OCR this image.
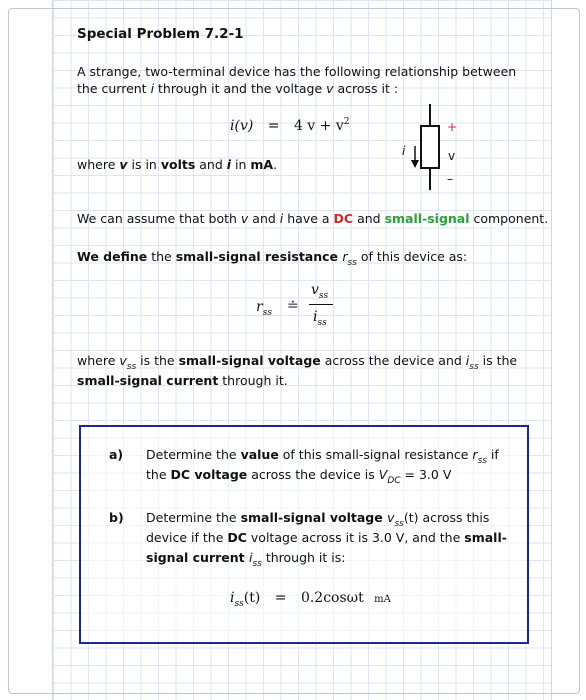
Special Problem 7.2-1
A strange, two-terminal device has the following relationship between
the current i through it and the voltage v across it :
i(v) = 4 $v + v^2$
where v is in volts and i in mA.
i
+
v
–
We can assume that both v and i have a DC and small-signal component.
We define the small-signal resistance $r_{ss}$ of this device as:
$r_{ss}$ ≐
$v_{ss}$
$i_{ss}$
where $v_{ss}$ is the small-signal voltage across the device and $i_{ss}$ is the
small-signal current through it.
a) Determine the value of this small-signal resistance $r_{ss}$ if
the DC voltage across the device is $V_{DC} = 3.0$ V
b) Determine the small-signal voltage $v_{ss}(t)$ across this
device if the DC voltage across it is 3.0 V, and the small-
signal current $i_{ss}$ through it is:
$i_{ss}(t) = 0.2\cos\omega t$ mA
